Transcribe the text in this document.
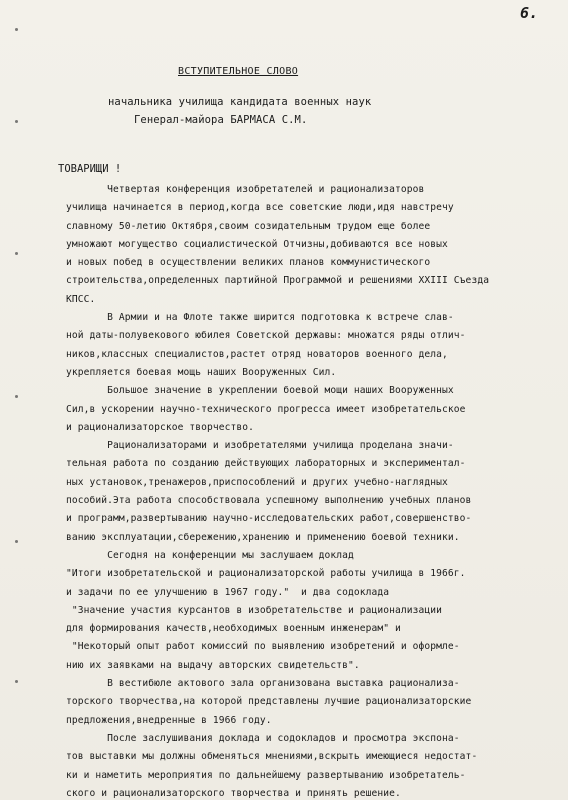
6.
ВСТУПИТЕЛЬНОЕ СЛОВО
начальника училища кандидата военных наук
Генерал-майора БАРМАСА С.М.
ТОВАРИЩИ !
Четвертая конференция изобретателей и рационализаторов
училища начинается в период,когда все советские люди,идя навстречу
славному 50-летию Октября,своим созидательным трудом еще более
умножают могущество социалистической Отчизны,добиваются все новых
и новых побед в осуществлении великих планов коммунистического
строительства,определенных партийной Программой и решениями XXIII Съезда
КПСС.
В Армии и на Флоте также ширится подготовка к встрече слав-
ной даты-полувекового юбилея Советской державы: множатся ряды отлич-
ников,классных специалистов,растет отряд новаторов военного дела,
укрепляется боевая мощь наших Вооруженных Сил.
Большое значение в укреплении боевой мощи наших Вооруженных
Сил,в ускорении научно-технического прогресса имеет изобретательское
и рационализаторское творчество.
Рационализаторами и изобретателями училища проделана значи-
тельная работа по созданию действующих лабораторных и экспериментал-
ных установок,тренажеров,приспособлений и других учебно-наглядных
пособий.Эта работа способствовала успешному выполнению учебных планов
и программ,развертыванию научно-исследовательских работ,совершенство-
ванию эксплуатации,сбережению,хранению и применению боевой техники.
Сегодня на конференции мы заслушаем доклад
"Итоги изобретательской и рационализаторской работы училища в 1966г.
и задачи по ее улучшению в 1967 году."  и два содоклада
"Значение участия курсантов в изобретательстве и рационализации
для формирования качеств,необходимых военным инженерам" и
"Некоторый опыт работ комиссий по выявлению изобретений и оформле-
нию их заявками на выдачу авторских свидетельств".
В вестибюле актового зала организована выставка рационализа-
торского творчества,на которой представлены лучшие рационализаторские
предложения,внедренные в 1966 году.
После заслушивания доклада и содокладов и просмотра экспона-
тов выставки мы должны обменяться мнениями,вскрыть имеющиеся недостат-
ки и наметить мероприятия по дальнейшему развертыванию изобретатель-
ского и рационализаторского творчества и принять решение.
